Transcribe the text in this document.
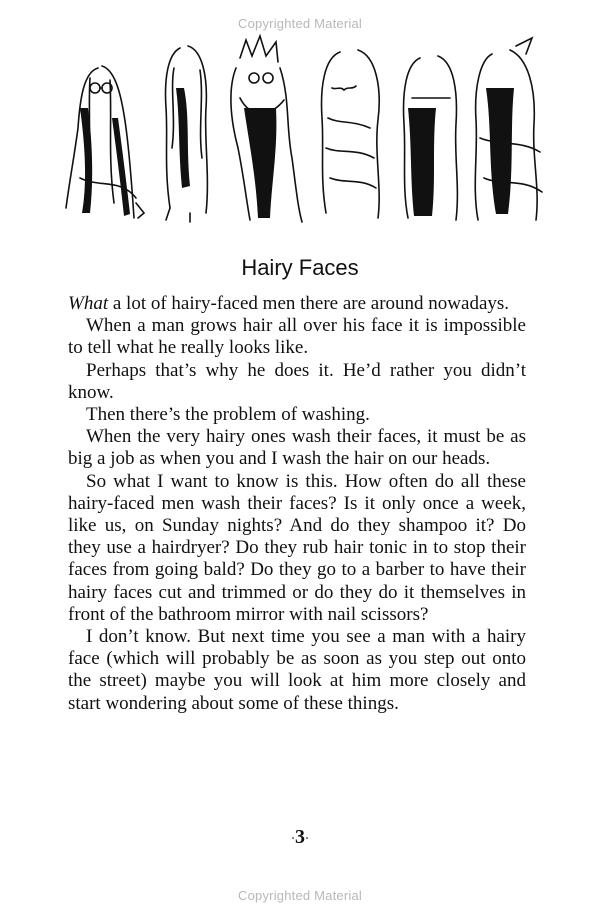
Copyrighted Material
Hairy Faces

What a lot of hairy-faced men there are around nowadays.

When a man grows hair all over his face it is impossible to tell what he really looks like.

Perhaps that’s why he does it. He’d rather you didn’t know.

Then there’s the problem of washing.

When the very hairy ones wash their faces, it must be as big a job as when you and I wash the hair on our heads.

So what I want to know is this. How often do all these hairy-faced men wash their faces? Is it only once a week, like us, on Sunday nights? And do they shampoo it? Do they use a hairdryer? Do they rub hair tonic in to stop their faces from going bald? Do they go to a barber to have their hairy faces cut and trimmed or do they do it themselves in front of the bathroom mirror with nail scissors?

I don’t know. But next time you see a man with a hairy face (which will probably be as soon as you step out onto the street) maybe you will look at him more closely and start wondering about some of these things.

·3·
Copyrighted Material
